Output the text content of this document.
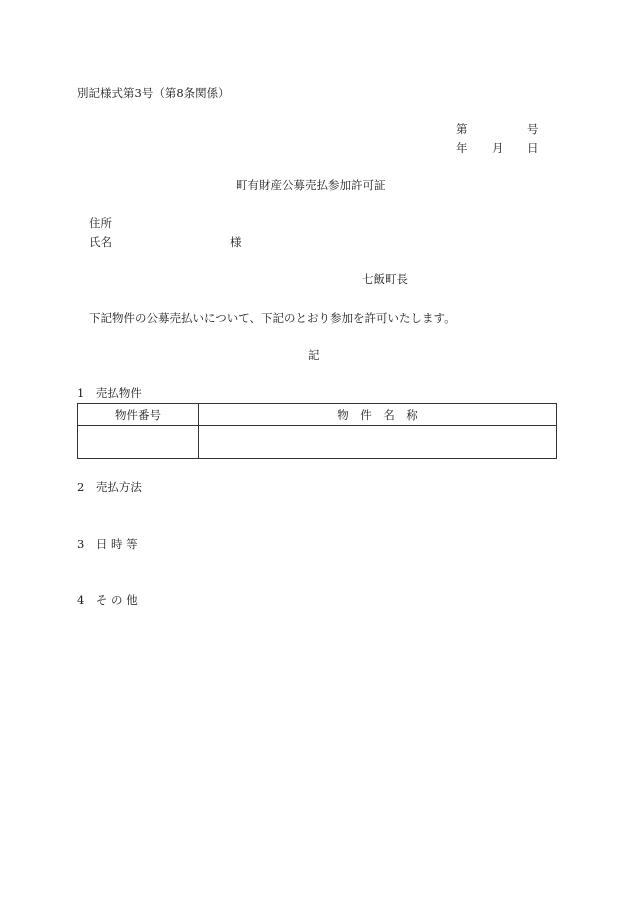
別記様式第3号（第8条関係）
第	号
年 月 日
町有財産公募売払参加許可証
住所
氏名	様
七飯町長
下記物件の公募売払いについて、下記のとおり参加を許可いたします。
記
1　売払物件
物件番号	物　件　名　称

2　売払方法
3　日 時 等
4　そ の 他
